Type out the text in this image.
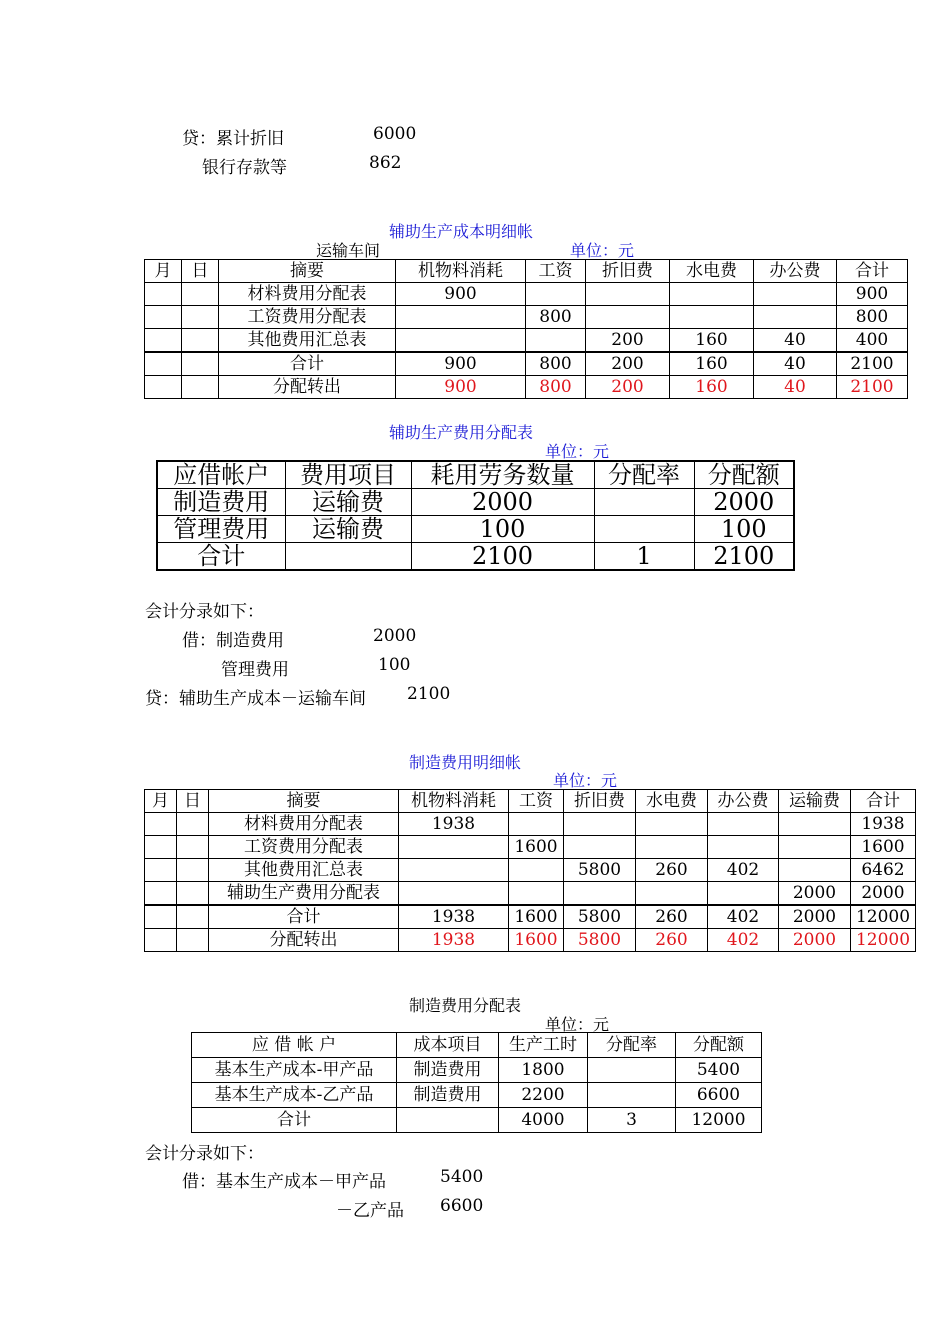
贷：累计折旧	6000
银行存款等	862
辅助生产成本明细帐
运输车间	单位：元
月	日	摘要	机物料消耗	工资	折旧费	水电费	办公费	合计
		材料费用分配表	900					900
		工资费用分配表		800				800
		其他费用汇总表			200	160	40	400
		合计	900	800	200	160	40	2100
		分配转出	900	800	200	160	40	2100
辅助生产费用分配表
单位：元
应借帐户	费用项目	耗用劳务数量	分配率	分配额
制造费用	运输费	2000		2000
管理费用	运输费	100		100
合计		2100	1	2100
会计分录如下：
借：制造费用	2000
管理费用	100
贷：辅助生产成本－运输车间 2100
制造费用明细帐
单位：元
月	日	摘要	机物料消耗	工资	折旧费	水电费	办公费	运输费	合计
		材料费用分配表	1938						1938
		工资费用分配表		1600					1600
		其他费用汇总表			5800	260	402		6462
		辅助生产费用分配表						2000	2000
		合计	1938	1600	5800	260	402	2000	12000
		分配转出	1938	1600	5800	260	402	2000	12000
制造费用分配表
单位：元
应 借 帐 户	成本项目	生产工时	分配率	分配额
基本生产成本-甲产品	制造费用	1800		5400
基本生产成本-乙产品	制造费用	2200		6600
合计		4000	3	12000
会计分录如下：
借：基本生产成本－甲产品	5400
－乙产品 6600
